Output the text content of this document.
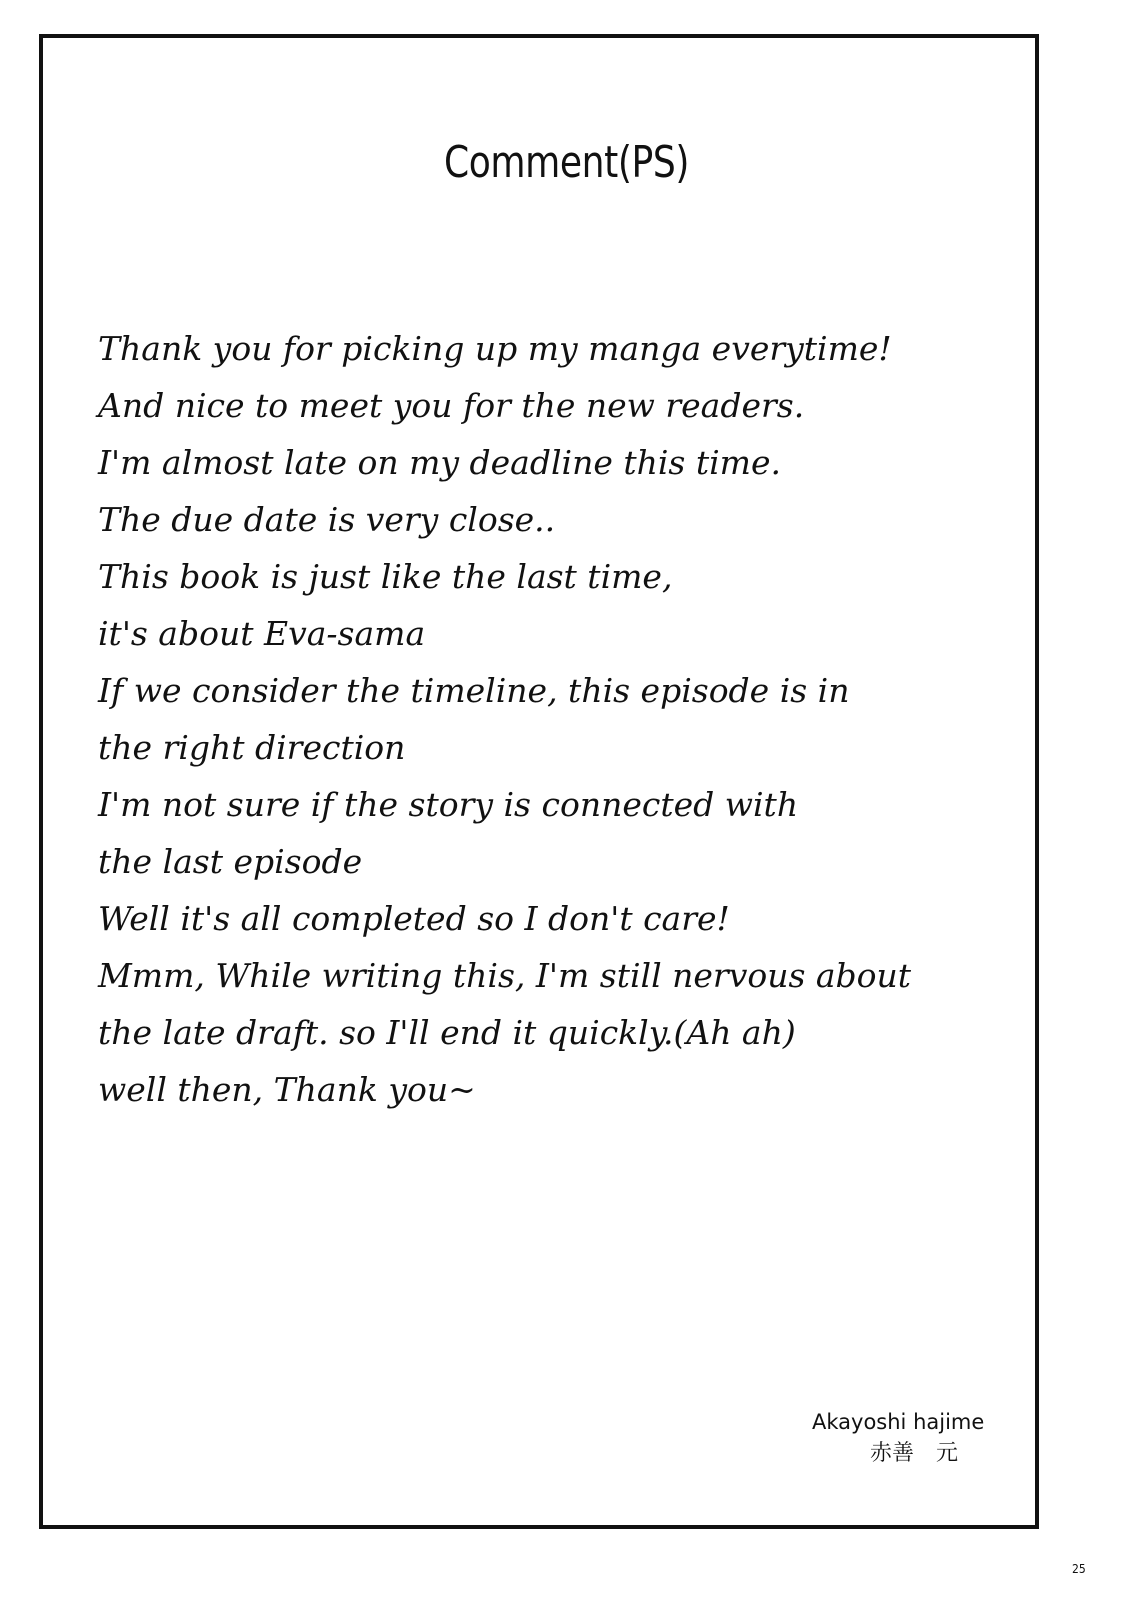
Comment(PS)
Thank you for picking up my manga everytime!
And nice to meet you for the new readers.
I'm almost late on my deadline this time.
The due date is very close..
This book is just like the last time,
it's about Eva-sama
If we consider the timeline, this episode is in
the right direction
I'm not sure if the story is connected with
the last episode
Well it's all completed so I don't care!
Mmm, While writing this, I'm still nervous about
the late draft. so I'll end it quickly.(Ah ah)
well then, Thank you~
Akayoshi hajime
赤善　元
25
